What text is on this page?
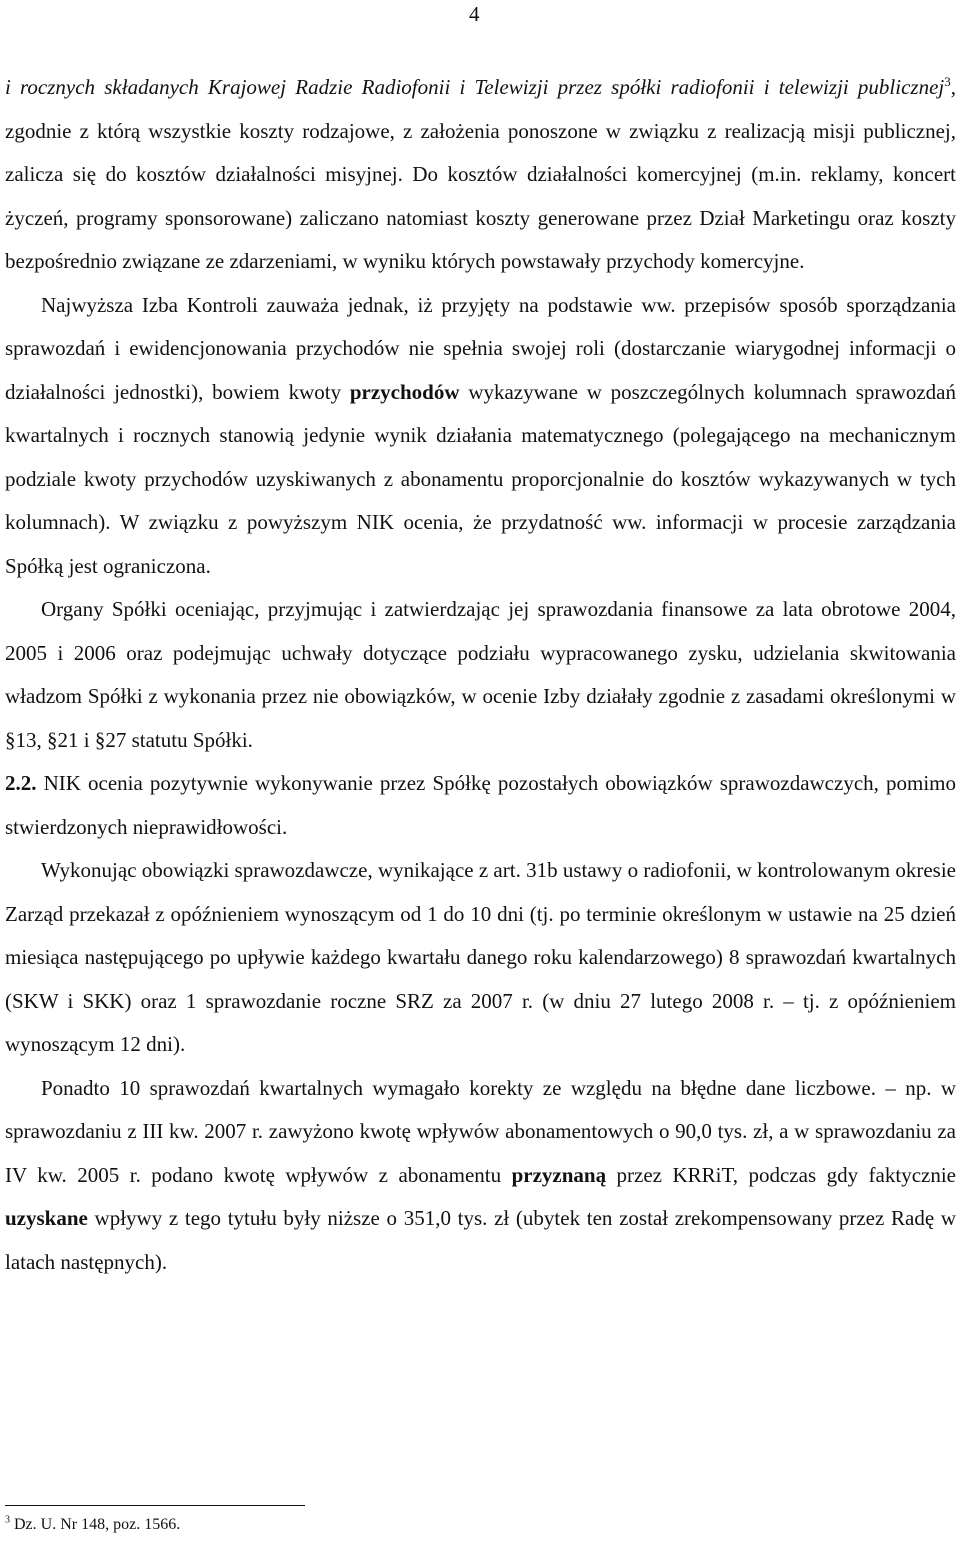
4

i rocznych składanych Krajowej Radzie Radiofonii i Telewizji przez spółki radiofonii i telewizji publicznej$^3$, zgodnie z którą wszystkie koszty rodzajowe, z założenia ponoszone w związku z realizacją misji publicznej, zalicza się do kosztów działalności misyjnej. Do kosztów działalności komercyjnej (m.in. reklamy, koncert życzeń, programy sponsorowane) zaliczano natomiast koszty generowane przez Dział Marketingu oraz koszty bezpośrednio związane ze zdarzeniami, w wyniku których powstawały przychody komercyjne.

Najwyższa Izba Kontroli zauważa jednak, iż przyjęty na podstawie ww. przepisów sposób sporządzania sprawozdań i ewidencjonowania przychodów nie spełnia swojej roli (dostarczanie wiarygodnej informacji o działalności jednostki), bowiem kwoty przychodów wykazywane w poszczególnych kolumnach sprawozdań kwartalnych i rocznych stanowią jedynie wynik działania matematycznego (polegającego na mechanicznym podziale kwoty przychodów uzyskiwanych z abonamentu proporcjonalnie do kosztów wykazywanych w tych kolumnach). W związku z powyższym NIK ocenia, że przydatność ww. informacji w procesie zarządzania Spółką jest ograniczona.

Organy Spółki oceniając, przyjmując i zatwierdzając jej sprawozdania finansowe za lata obrotowe 2004, 2005 i 2006 oraz podejmując uchwały dotyczące podziału wypracowanego zysku, udzielania skwitowania władzom Spółki z wykonania przez nie obowiązków, w ocenie Izby działały zgodnie z zasadami określonymi w §13, §21 i §27 statutu Spółki.

2.2. NIK ocenia pozytywnie wykonywanie przez Spółkę pozostałych obowiązków sprawozdawczych, pomimo stwierdzonych nieprawidłowości.

Wykonując obowiązki sprawozdawcze, wynikające z art. 31b ustawy o radiofonii, w kontrolowanym okresie Zarząd przekazał z opóźnieniem wynoszącym od 1 do 10 dni (tj. po terminie określonym w ustawie na 25 dzień miesiąca następującego po upływie każdego kwartału danego roku kalendarzowego) 8 sprawozdań kwartalnych (SKW i SKK) oraz 1 sprawozdanie roczne SRZ za 2007 r. (w dniu 27 lutego 2008 r. – tj. z opóźnieniem wynoszącym 12 dni).

Ponadto 10 sprawozdań kwartalnych wymagało korekty ze względu na błędne dane liczbowe. – np. w sprawozdaniu z III kw. 2007 r. zawyżono kwotę wpływów abonamentowych o 90,0 tys. zł, a w sprawozdaniu za IV kw. 2005 r. podano kwotę wpływów z abonamentu przyznaną przez KRRiT, podczas gdy faktycznie uzyskane wpływy z tego tytułu były niższe o 351,0 tys. zł (ubytek ten został zrekompensowany przez Radę w latach następnych).

$^3$ Dz. U. Nr 148, poz. 1566.
